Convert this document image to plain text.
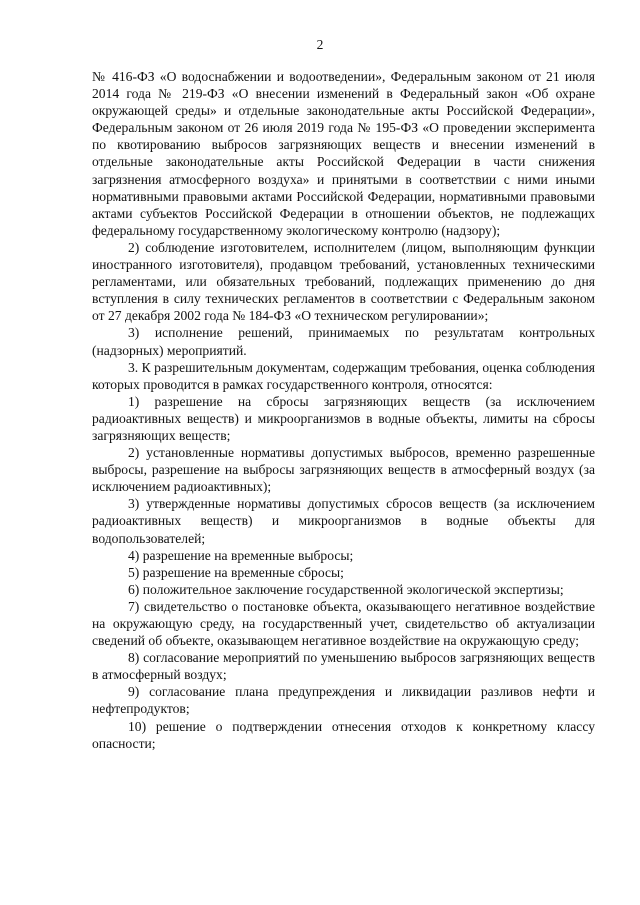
2

№ 416-ФЗ «О водоснабжении и водоотведении», Федеральным законом от 21 июля 2014 года № 219-ФЗ «О внесении изменений в Федеральный закон «Об охране окружающей среды» и отдельные законодательные акты Российской Федерации», Федеральным законом от 26 июля 2019 года № 195-ФЗ «О проведении эксперимента по квотированию выбросов загрязняющих веществ и внесении изменений в отдельные законодательные акты Российской Федерации в части снижения загрязнения атмосферного воздуха» и принятыми в соответствии с ними иными нормативными правовыми актами Российской Федерации, нормативными правовыми актами субъектов Российской Федерации в отношении объектов, не подлежащих федеральному государственному экологическому контролю (надзору);

2) соблюдение изготовителем, исполнителем (лицом, выполняющим функции иностранного изготовителя), продавцом требований, установленных техническими регламентами, или обязательных требований, подлежащих применению до дня вступления в силу технических регламентов в соответствии с Федеральным законом от 27 декабря 2002 года № 184-ФЗ «О техническом регулировании»;

3) исполнение решений, принимаемых по результатам контрольных (надзорных) мероприятий.

3. К разрешительным документам, содержащим требования, оценка соблюдения которых проводится в рамках государственного контроля, относятся:

1) разрешение на сбросы загрязняющих веществ (за исключением радиоактивных веществ) и микроорганизмов в водные объекты, лимиты на сбросы загрязняющих веществ;

2) установленные нормативы допустимых выбросов, временно разрешенные выбросы, разрешение на выбросы загрязняющих веществ в атмосферный воздух (за исключением радиоактивных);

3) утвержденные нормативы допустимых сбросов веществ (за исключением радиоактивных веществ) и микроорганизмов в водные объекты для водопользователей;

4) разрешение на временные выбросы;

5) разрешение на временные сбросы;

6) положительное заключение государственной экологической экспертизы;

7) свидетельство о постановке объекта, оказывающего негативное воздействие на окружающую среду, на государственный учет, свидетельство об актуализации сведений об объекте, оказывающем негативное воздействие на окружающую среду;

8) согласование мероприятий по уменьшению выбросов загрязняющих веществ в атмосферный воздух;

9) согласование плана предупреждения и ликвидации разливов нефти и нефтепродуктов;

10) решение о подтверждении отнесения отходов к конкретному классу опасности;
